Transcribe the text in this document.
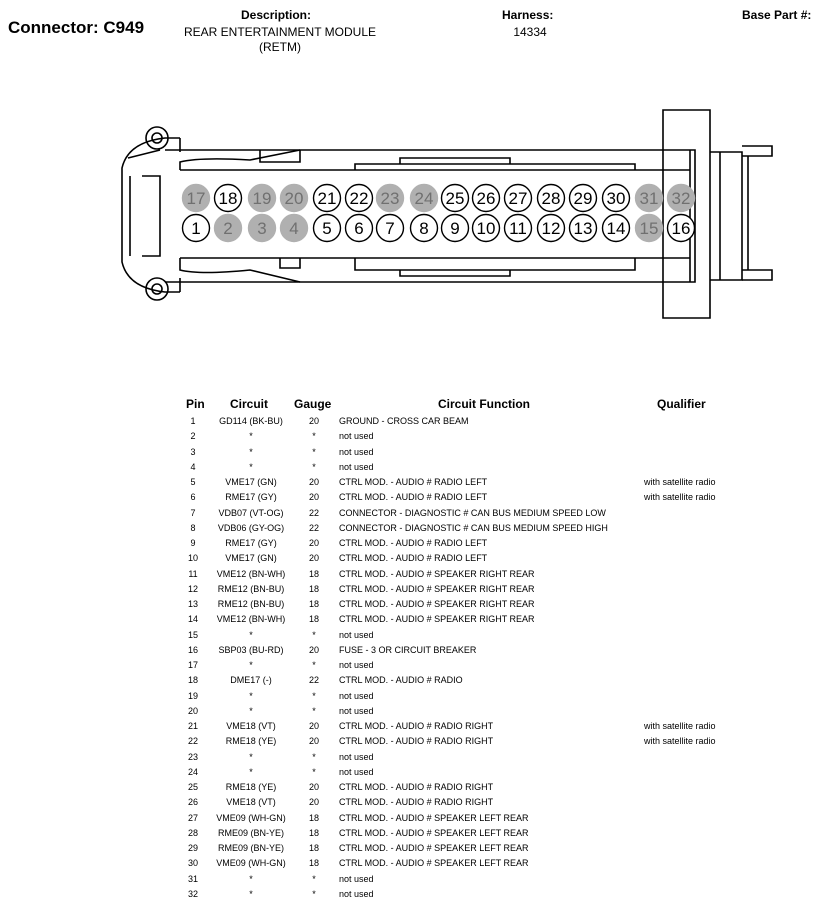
Connector: C949
Description:
REAR ENTERTAINMENT MODULE
(RETM)
Harness:
14334
Base Part #:
17 18 19 20 21 22 23 24 25 26 27 28 29 30 31 32
1 2 3 4 5 6 7 8 9 10 11 12 13 14 15 16
Pin Circuit Gauge	Circuit Function	Qualifier
1	GD114 (BK-BU)	20	GROUND - CROSS CAR BEAM
2	*	*	not used
3	*	*	not used
4	*	*	not used
5	VME17 (GN)	20	CTRL MOD. - AUDIO # RADIO LEFT	with satellite radio
6	RME17 (GY)	20	CTRL MOD. - AUDIO # RADIO LEFT	with satellite radio
7	VDB07 (VT-OG)	22	CONNECTOR - DIAGNOSTIC # CAN BUS MEDIUM SPEED LOW
8	VDB06 (GY-OG)	22	CONNECTOR - DIAGNOSTIC # CAN BUS MEDIUM SPEED HIGH
9	RME17 (GY)	20	CTRL MOD. - AUDIO # RADIO LEFT
10	VME17 (GN)	20	CTRL MOD. - AUDIO # RADIO LEFT
11	VME12 (BN-WH)	18	CTRL MOD. - AUDIO # SPEAKER RIGHT REAR
12	RME12 (BN-BU)	18	CTRL MOD. - AUDIO # SPEAKER RIGHT REAR
13	RME12 (BN-BU)	18	CTRL MOD. - AUDIO # SPEAKER RIGHT REAR
14	VME12 (BN-WH)	18	CTRL MOD. - AUDIO # SPEAKER RIGHT REAR
15	*	*	not used
16	SBP03 (BU-RD)	20	FUSE - 3 OR CIRCUIT BREAKER
17	*	*	not used
18	DME17 (-)	22	CTRL MOD. - AUDIO # RADIO
19	*	*	not used
20	*	*	not used
21	VME18 (VT)	20	CTRL MOD. - AUDIO # RADIO RIGHT	with satellite radio
22	RME18 (YE)	20	CTRL MOD. - AUDIO # RADIO RIGHT	with satellite radio
23	*	*	not used
24	*	*	not used
25	RME18 (YE)	20	CTRL MOD. - AUDIO # RADIO RIGHT
26	VME18 (VT)	20	CTRL MOD. - AUDIO # RADIO RIGHT
27	VME09 (WH-GN)	18	CTRL MOD. - AUDIO # SPEAKER LEFT REAR
28	RME09 (BN-YE)	18	CTRL MOD. - AUDIO # SPEAKER LEFT REAR
29	RME09 (BN-YE)	18	CTRL MOD. - AUDIO # SPEAKER LEFT REAR
30	VME09 (WH-GN)	18	CTRL MOD. - AUDIO # SPEAKER LEFT REAR
31	*	*	not used
32	*	*	not used
